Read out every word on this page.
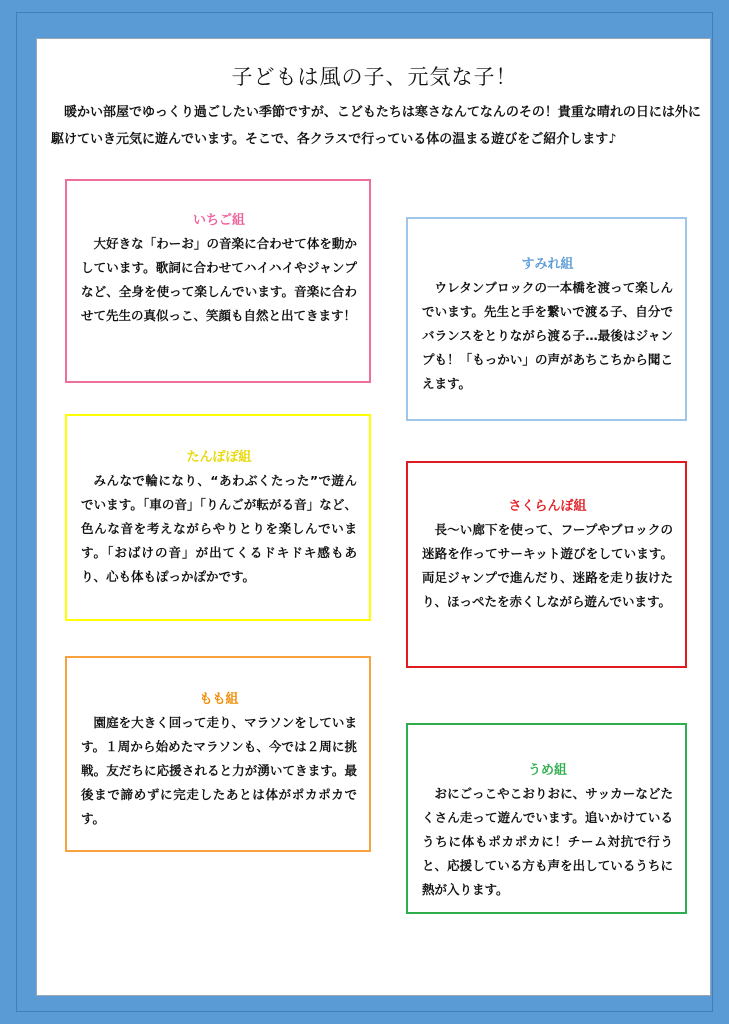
子どもは風の子、元気な子！

暖かい部屋でゆっくり過ごしたい季節ですが、こどもたちは寒さなんてなんのその！貴重な晴れの日には外に駆けていき元気に遊んでいます。そこで、各クラスで行っている体の温まる遊びをご紹介します♪

いちご組

大好きな「わーお」の音楽に合わせて体を動かしています。歌詞に合わせてハイハイやジャンプなど、全身を使って楽しんでいます。音楽に合わせて先生の真似っこ、笑顔も自然と出てきます！

すみれ組

ウレタンブロックの一本橋を渡って楽しんでいます。先生と手を繋いで渡る子、自分でバランスをとりながら渡る子…最後はジャンプも！「もっかい」の声があちこちから聞こえます。

たんぽぽ組

みんなで輪になり、“あわぶくたった”で遊んでいます。「車の音」「りんごが転がる音」など、色んな音を考えながらやりとりを楽しんでいます。「おばけの音」が出てくるドキドキ感もあり、心も体もぽっかぽかです。

さくらんぼ組

長～い廊下を使って、フープやブロックの迷路を作ってサーキット遊びをしています。両足ジャンプで進んだり、迷路を走り抜けたり、ほっぺたを赤くしながら遊んでいます。

もも組

園庭を大きく回って走り、マラソンをしています。１周から始めたマラソンも、今では２周に挑戦。友だちに応援されると力が湧いてきます。最後まで諦めずに完走したあとは体がポカポカです。

うめ組

おにごっこやこおりおに、サッカーなどたくさん走って遊んでいます。追いかけているうちに体もポカポカに！チーム対抗で行うと、応援している方も声を出しているうちに熱が入ります。
